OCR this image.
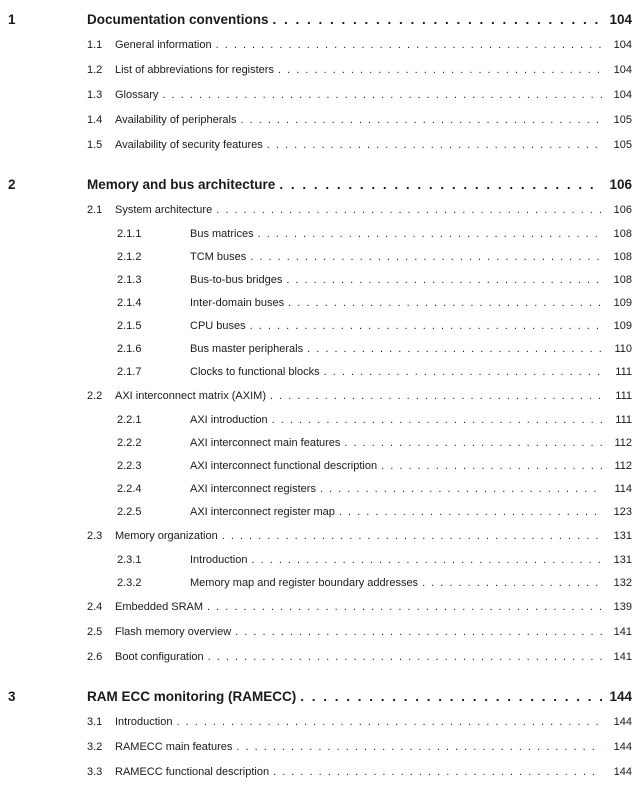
1	Documentation conventions . . .	104
1.1	General information . . .	104
1.2	List of abbreviations for registers . . .	104
1.3	Glossary . . .	104
1.4	Availability of peripherals . . .	105
1.5	Availability of security features . . .	105
2	Memory and bus architecture . . .	106
2.1	System architecture . . .	106
2.1.1	Bus matrices . . .	108
2.1.2	TCM buses . . .	108
2.1.3	Bus-to-bus bridges . . .	108
2.1.4	Inter-domain buses . . .	109
2.1.5	CPU buses . . .	109
2.1.6	Bus master peripherals . . .	110
2.1.7	Clocks to functional blocks . . .	111
2.2	AXI interconnect matrix (AXIM) . . .	111
2.2.1	AXI introduction . . .	111
2.2.2	AXI interconnect main features . . .	112
2.2.3	AXI interconnect functional description . . .	112
2.2.4	AXI interconnect registers . . .	114
2.2.5	AXI interconnect register map . . .	123
2.3	Memory organization . . .	131
2.3.1	Introduction . . .	131
2.3.2	Memory map and register boundary addresses . . .	132
2.4	Embedded SRAM . . .	139
2.5	Flash memory overview . . .	141
2.6	Boot configuration . . .	141
3	RAM ECC monitoring (RAMECC) . . .	144
3.1	Introduction . . .	144
3.2	RAMECC main features . . .	144
3.3	RAMECC functional description . . .	144
